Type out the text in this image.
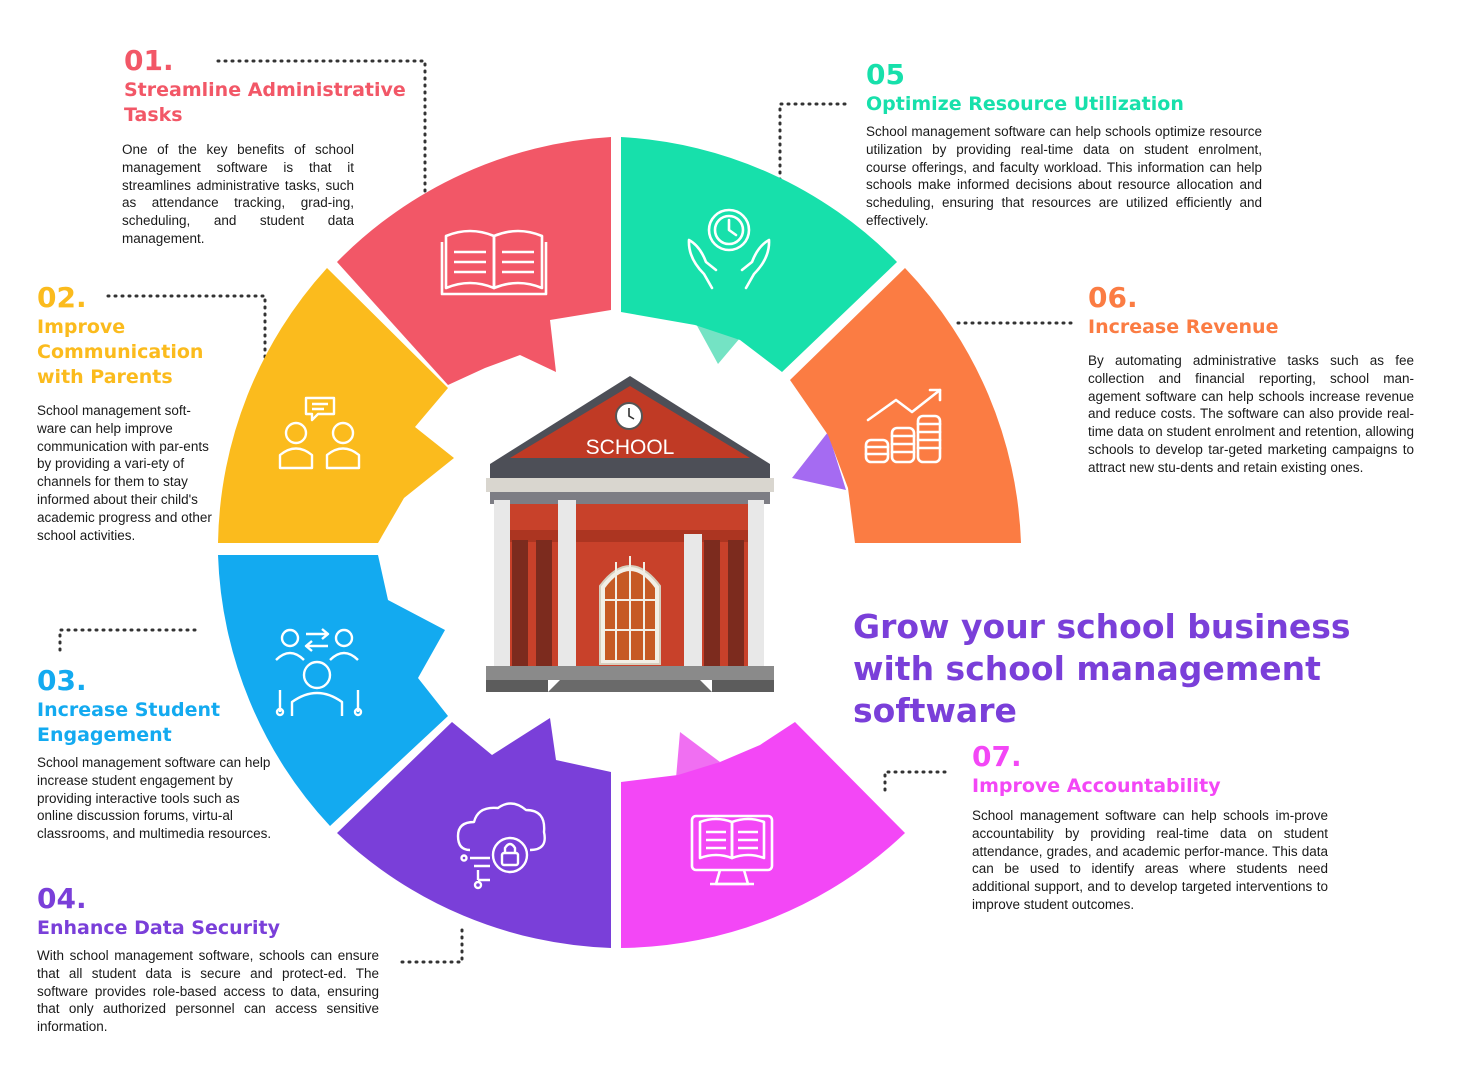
SCHOOL
01.
Streamline Administrative Tasks
One of the key benefits of school management software is that it streamlines administrative tasks, such as attendance tracking, grad-ing, scheduling, and student data management.
02.
Improve Communication with Parents
School management soft-ware can help improve communication with par-ents by providing a vari-ety of channels for them to stay informed about their child's academic progress and other school activities.
03.
Increase Student Engagement
School management software can help increase student engagement by providing interactive tools such as online discussion forums, virtu-al classrooms, and multimedia resources.
04.
Enhance Data Security
With school management software, schools can ensure that all student data is secure and protect-ed. The software provides role-based access to data, ensuring that only authorized personnel can access sensitive information.
05
Optimize Resource Utilization
School management software can help schools optimize resource utilization by providing real-time data on student enrolment, course offerings, and faculty workload. This information can help schools make informed decisions about resource allocation and scheduling, ensuring that resources are utilized efficiently and effectively.
06.
Increase Revenue
By automating administrative tasks such as fee collection and financial reporting, school man-agement software can help schools increase revenue and reduce costs. The software can also provide real-time data on student enrolment and retention, allowing schools to develop tar-geted marketing campaigns to attract new stu-dents and retain existing ones.
Grow your school business with school management software
07.
Improve Accountability
School management software can help schools im-prove accountability by providing real-time data on student attendance, grades, and academic perfor-mance. This data can be used to identify areas where students need additional support, and to develop targeted interventions to improve student outcomes.
